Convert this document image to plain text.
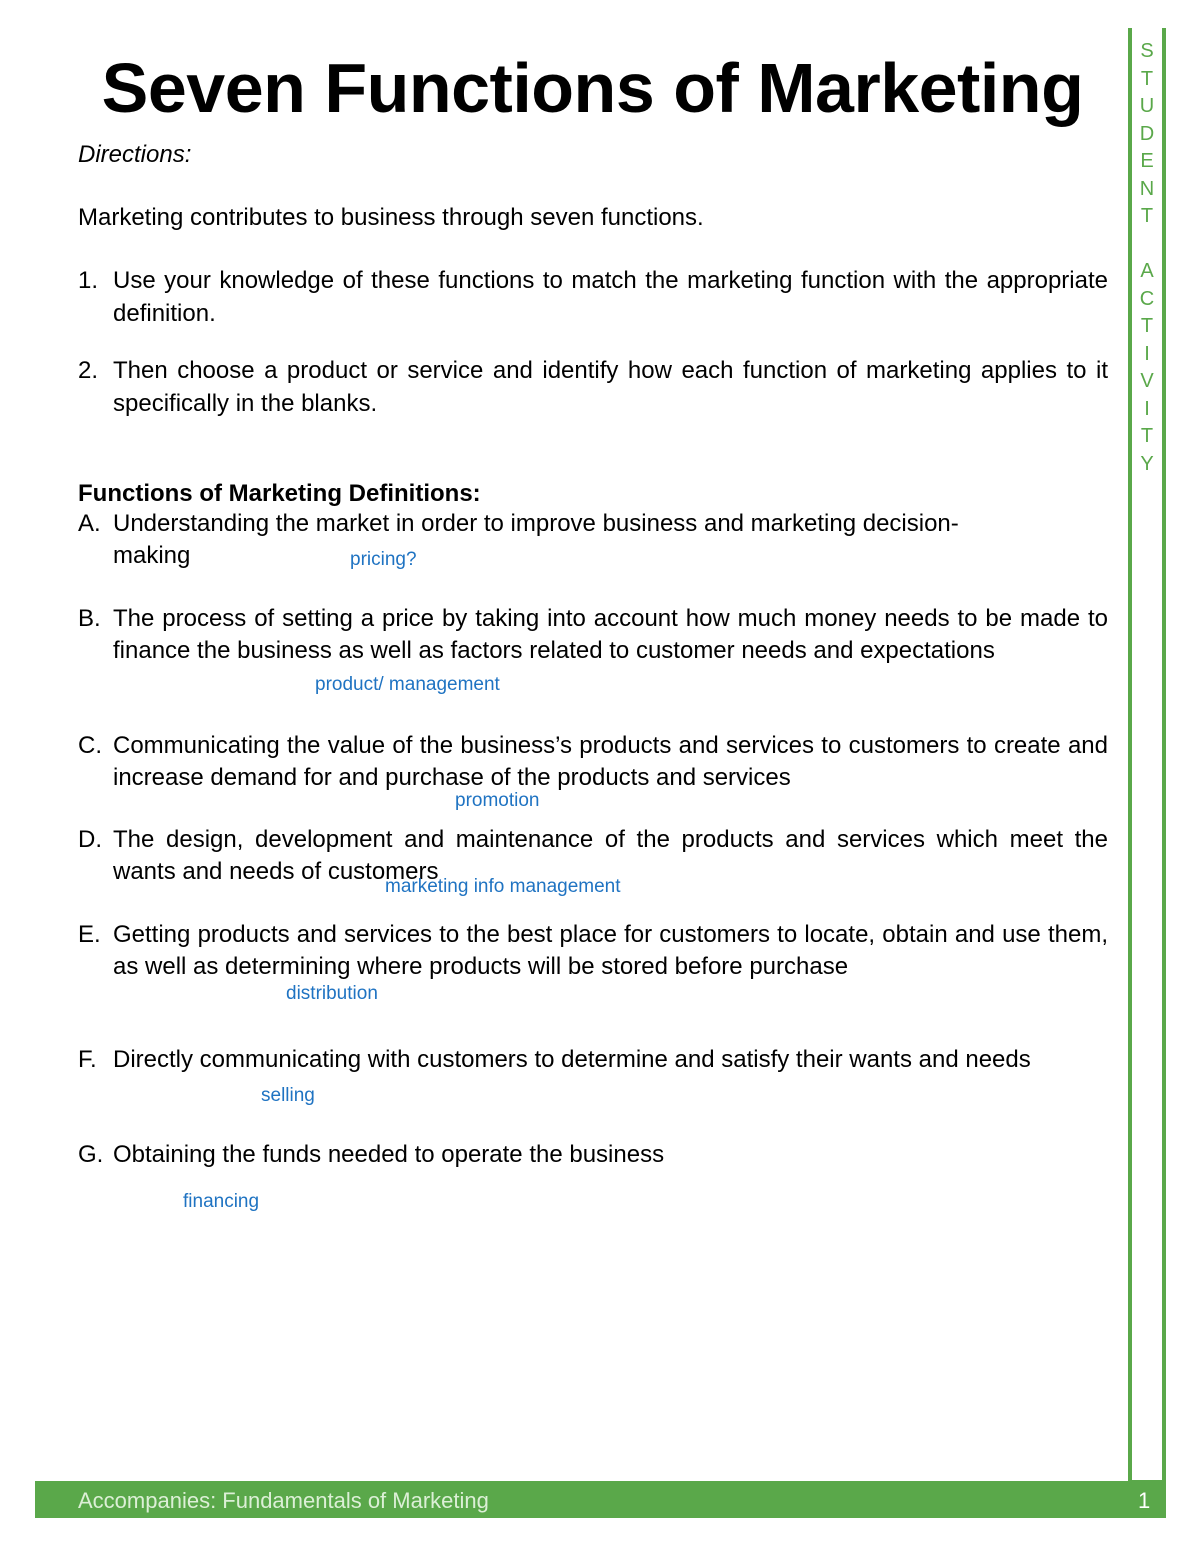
Seven Functions of Marketing
Directions:
Marketing contributes to business through seven functions.
1. Use your knowledge of these functions to match the marketing function with the appropriate definition.
2. Then choose a product or service and identify how each function of marketing applies to it specifically in the blanks.
Functions of Marketing Definitions:
A. Understanding the market in order to improve business and marketing decision-making	pricing?
B. The process of setting a price by taking into account how much money needs to be made to finance the business as well as factors related to customer needs and expectations
product/ management
C. Communicating the value of the business’s products and services to customers to create and increase demand for and purchase of the products and services
promotion
D. The design, development and maintenance of the products and services which meet the wants and needs of customers
marketing info management
E. Getting products and services to the best place for customers to locate, obtain and use them, as well as determining where products will be stored before purchase
distribution
F. Directly communicating with customers to determine and satisfy their wants and needs
selling
G. Obtaining the funds needed to operate the business
financing
S
T
U
D
E
N
T
A
C
T
I
V
I
T
Y
Accompanies: Fundamentals of Marketing	1
